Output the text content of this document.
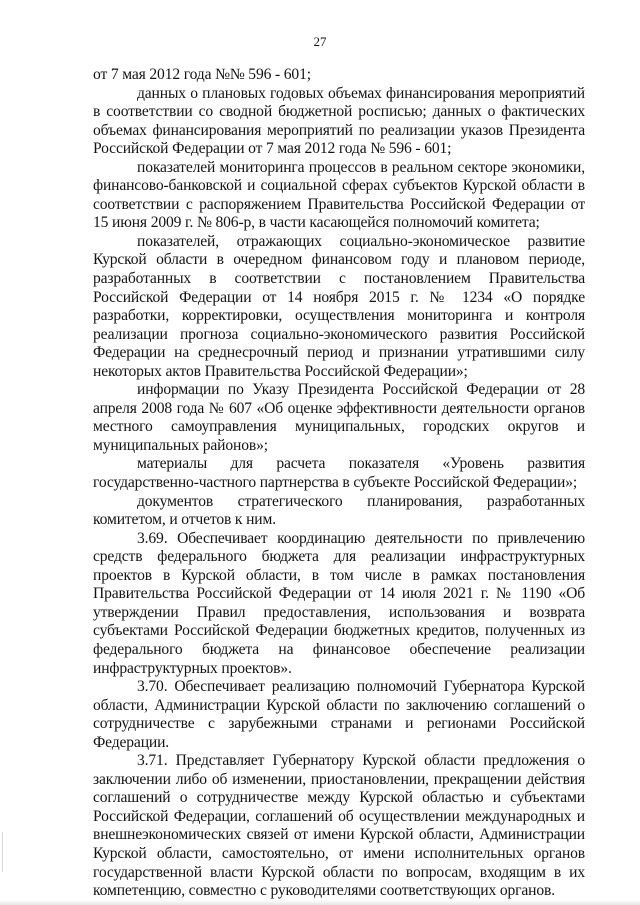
27

от 7 мая 2012 года №№ 596 - 601;

данных о плановых годовых объемах финансирования мероприятий в соответствии со сводной бюджетной росписью; данных о фактических объемах финансирования мероприятий по реализации указов Президента Российской Федерации от 7 мая 2012 года № 596 - 601;

показателей мониторинга процессов в реальном секторе экономики, финансово-банковской и социальной сферах субъектов Курской области в соответствии с распоряжением Правительства Российской Федерации от 15 июня 2009 г. № 806-р, в части касающейся полномочий комитета;

показателей, отражающих социально-экономическое развитие Курской области в очередном финансовом году и плановом периоде, разработанных в соответствии с постановлением Правительства Российской Федерации от 14 ноября 2015 г. № 1234 «О порядке разработки, корректировки, осуществления мониторинга и контроля реализации прогноза социально-экономического развития Российской Федерации на среднесрочный период и признании утратившими силу некоторых актов Правительства Российской Федерации»;

информации по Указу Президента Российской Федерации от 28 апреля 2008 года № 607 «Об оценке эффективности деятельности органов местного самоуправления муниципальных, городских округов и муниципальных районов»;

материалы для расчета показателя «Уровень развития государственно-частного партнерства в субъекте Российской Федерации»;

документов стратегического планирования, разработанных комитетом, и отчетов к ним.

3.69. Обеспечивает координацию деятельности по привлечению средств федерального бюджета для реализации инфраструктурных проектов в Курской области, в том числе в рамках постановления Правительства Российской Федерации от 14 июля 2021 г. № 1190 «Об утверждении Правил предоставления, использования и возврата субъектами Российской Федерации бюджетных кредитов, полученных из федерального бюджета на финансовое обеспечение реализации инфраструктурных проектов».

3.70. Обеспечивает реализацию полномочий Губернатора Курской области, Администрации Курской области по заключению соглашений о сотрудничестве с зарубежными странами и регионами Российской Федерации.

3.71. Представляет Губернатору Курской области предложения о заключении либо об изменении, приостановлении, прекращении действия соглашений о сотрудничестве между Курской областью и субъектами Российской Федерации, соглашений об осуществлении международных и внешнеэкономических связей от имени Курской области, Администрации Курской области, самостоятельно, от имени исполнительных органов государственной власти Курской области по вопросам, входящим в их компетенцию, совместно с руководителями соответствующих органов.
